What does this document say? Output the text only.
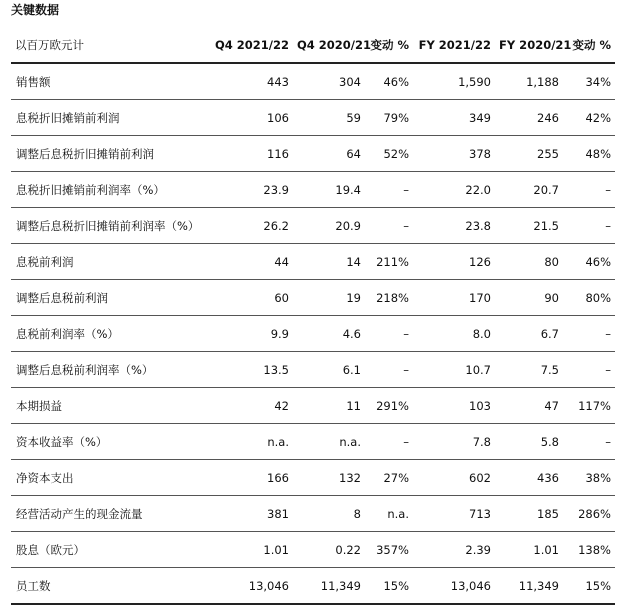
关键数据
以百万欧元计	Q4 2021/22	Q4 2020/21	变动 %	FY 2021/22	FY 2020/21	变动 %
销售额	443	304	46%	1,590	1,188	34%
息税折旧摊销前利润	106	59	79%	349	246	42%
调整后息税折旧摊销前利润	116	64	52%	378	255	48%
息税折旧摊销前利润率（%）	23.9	19.4	–	22.0	20.7	–
调整后息税折旧摊销前利润率（%）	26.2	20.9	–	23.8	21.5	–
息税前利润	44	14	211%	126	80	46%
调整后息税前利润	60	19	218%	170	90	80%
息税前利润率（%）	9.9	4.6	–	8.0	6.7	–
调整后息税前利润率（%）	13.5	6.1	–	10.7	7.5	–
本期损益	42	11	291%	103	47	117%
资本收益率（%）	n.a.	n.a.	–	7.8	5.8	–
净资本支出	166	132	27%	602	436	38%
经营活动产生的现金流量	381	8	n.a.	713	185	286%
股息（欧元）	1.01	0.22	357%	2.39	1.01	138%
员工数	13,046	11,349	15%	13,046	11,349	15%
